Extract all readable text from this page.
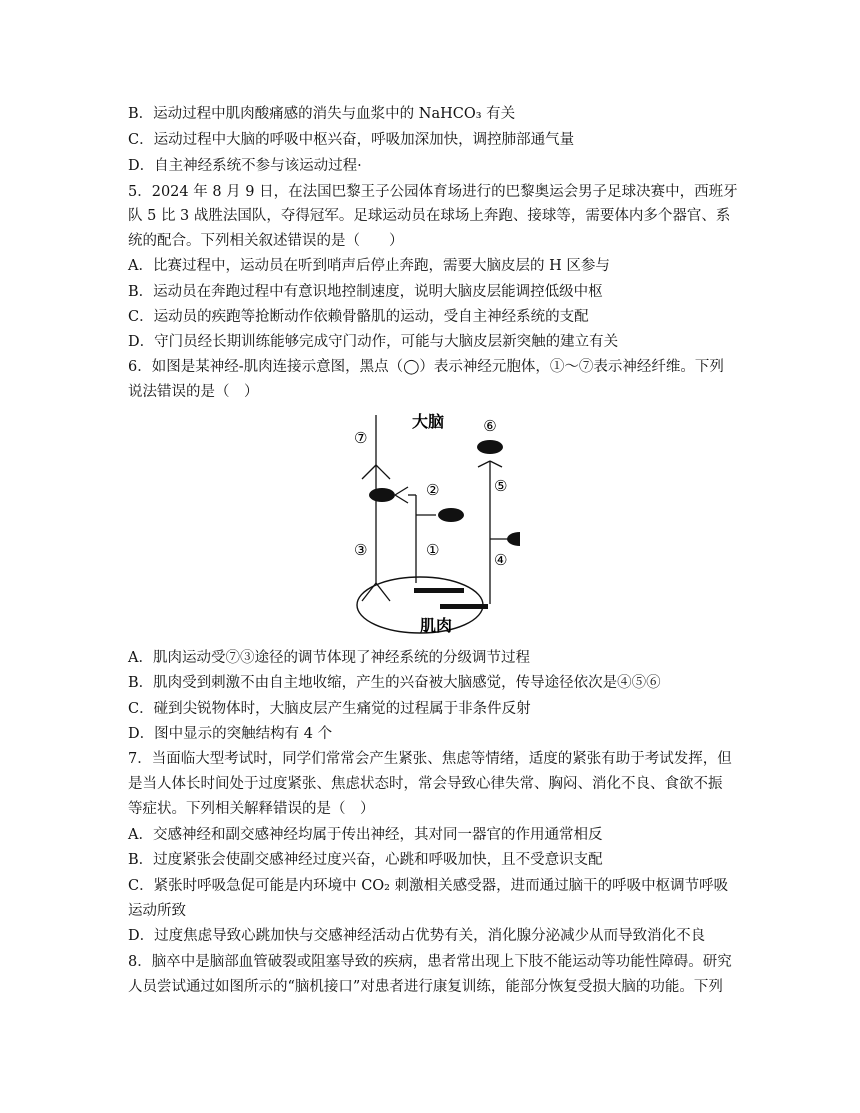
B．运动过程中肌肉酸痛感的消失与血浆中的 NaHCO₃ 有关
C．运动过程中大脑的呼吸中枢兴奋，呼吸加深加快，调控肺部通气量
D．自主神经系统不参与该运动过程·
5．2024 年 8 月 9 日，在法国巴黎王子公园体育场进行的巴黎奥运会男子足球决赛中，西班牙
队 5 比 3 战胜法国队，夺得冠军。足球运动员在球场上奔跑、接球等，需要体内多个器官、系
统的配合。下列相关叙述错误的是（　　）
A．比赛过程中，运动员在听到哨声后停止奔跑，需要大脑皮层的 H 区参与
B．运动员在奔跑过程中有意识地控制速度，说明大脑皮层能调控低级中枢
C．运动员的疾跑等抢断动作依赖骨骼肌的运动，受自主神经系统的支配
D．守门员经长期训练能够完成守门动作，可能与大脑皮层新突触的建立有关
6．如图是某神经-肌肉连接示意图，黑点（◯）表示神经元胞体，①～⑦表示神经纤维。下列
说法错误的是（　）
A．肌肉运动受⑦③途径的调节体现了神经系统的分级调节过程
B．肌肉受到刺激不由自主地收缩，产生的兴奋被大脑感觉，传导途径依次是④⑤⑥
C．碰到尖锐物体时，大脑皮层产生痛觉的过程属于非条件反射
D．图中显示的突触结构有 4 个
7．当面临大型考试时，同学们常常会产生紧张、焦虑等情绪，适度的紧张有助于考试发挥，但
是当人体长时间处于过度紧张、焦虑状态时，常会导致心律失常、胸闷、消化不良、食欲不振
等症状。下列相关解释错误的是（　）
A．交感神经和副交感神经均属于传出神经，其对同一器官的作用通常相反
B．过度紧张会使副交感神经过度兴奋，心跳和呼吸加快，且不受意识支配
C．紧张时呼吸急促可能是内环境中 CO₂ 刺激相关感受器，进而通过脑干的呼吸中枢调节呼吸
运动所致
D．过度焦虑导致心跳加快与交感神经活动占优势有关，消化腺分泌减少从而导致消化不良
8．脑卒中是脑部血管破裂或阻塞导致的疾病，患者常出现上下肢不能运动等功能性障碍。研究
人员尝试通过如图所示的“脑机接口”对患者进行康复训练，能部分恢复受损大脑的功能。下列
大脑
肌肉
⑦
⑥
②	⑤
①
③
④
